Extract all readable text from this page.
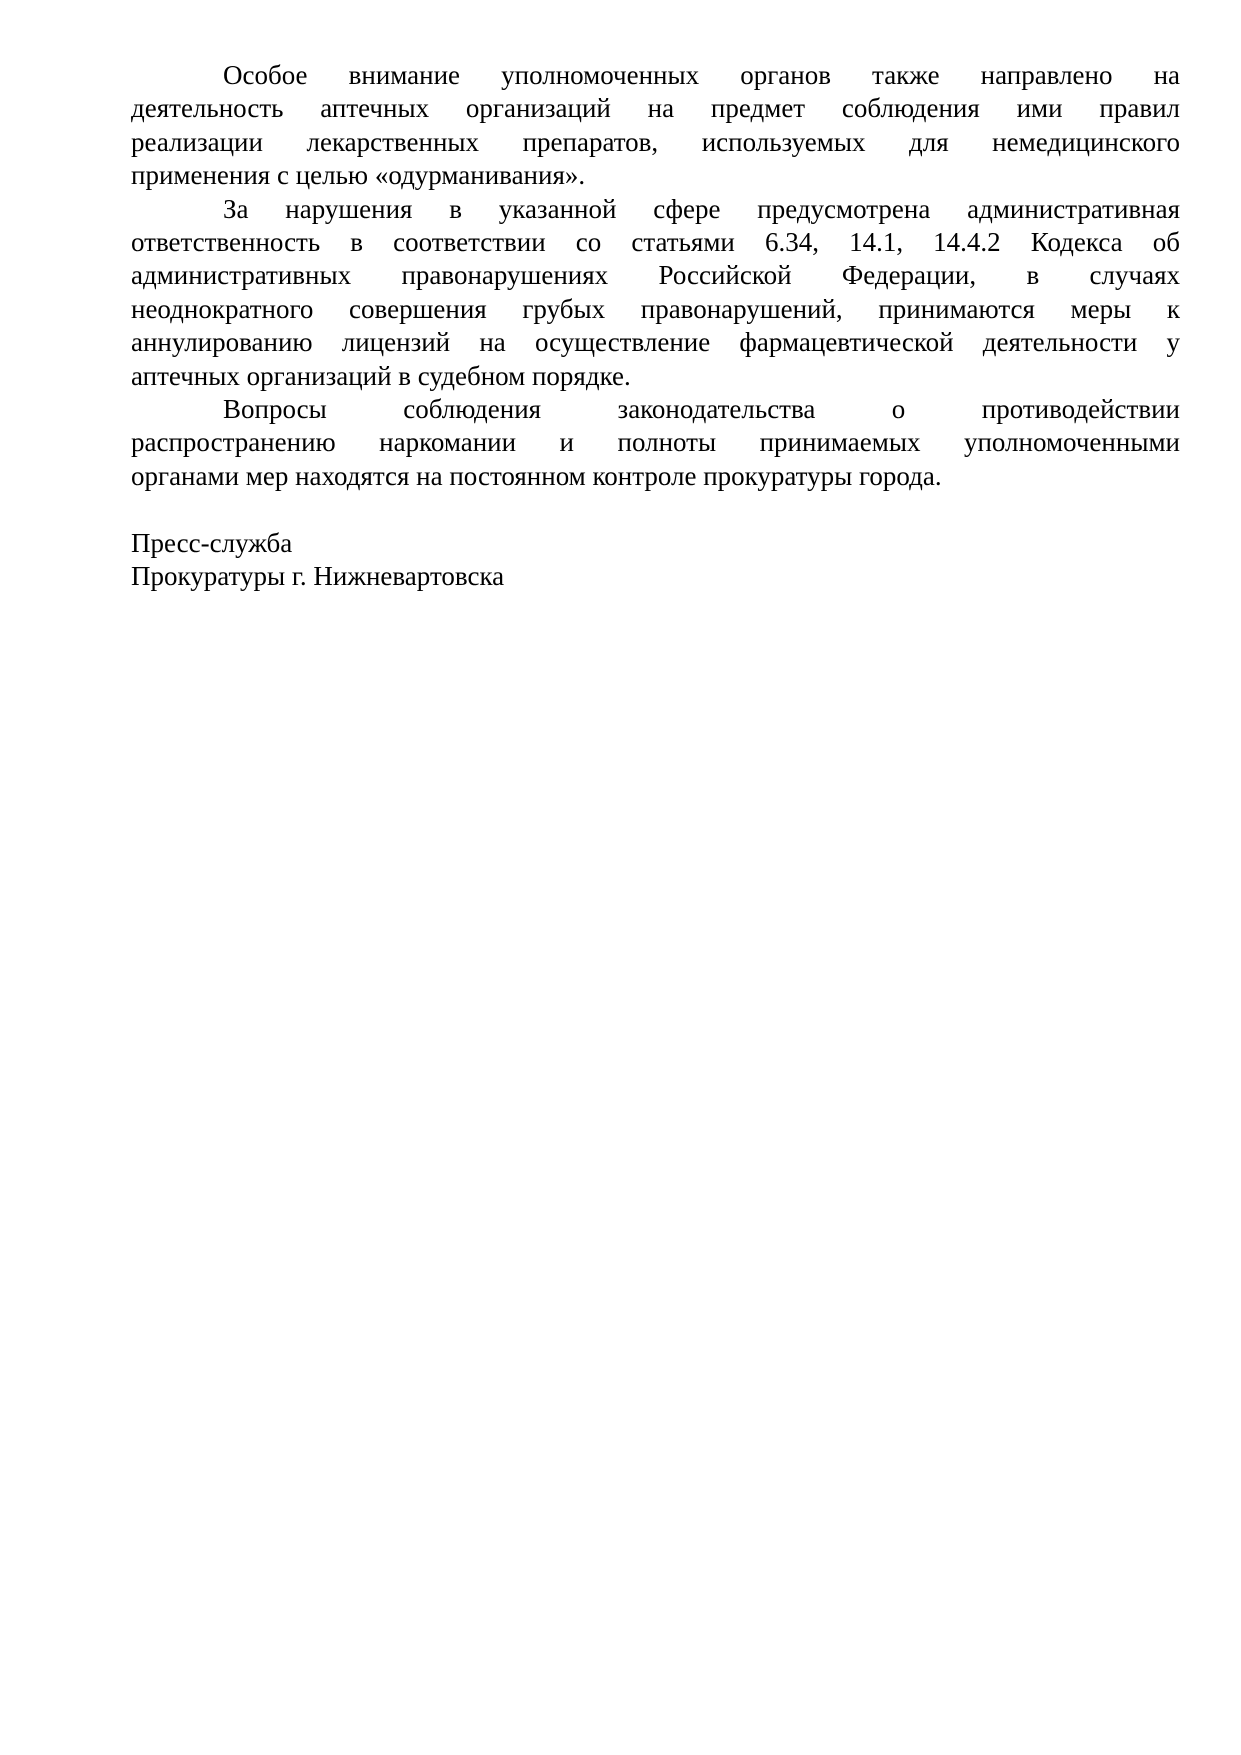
Особое внимание уполномоченных органов также направлено на
деятельность аптечных организаций на предмет соблюдения ими правил
реализации лекарственных препаратов, используемых для немедицинского
применения с целью «одурманивания».
За нарушения в указанной сфере предусмотрена административная
ответственность в соответствии со статьями 6.34, 14.1, 14.4.2 Кодекса об
административных правонарушениях Российской Федерации, в случаях
неоднократного совершения грубых правонарушений, принимаются меры к
аннулированию лицензий на осуществление фармацевтической деятельности у
аптечных организаций в судебном порядке.
Вопросы соблюдения законодательства о противодействии
распространению наркомании и полноты принимаемых уполномоченными
органами мер находятся на постоянном контроле прокуратуры города.
Пресс-служба
Прокуратуры г. Нижневартовска
